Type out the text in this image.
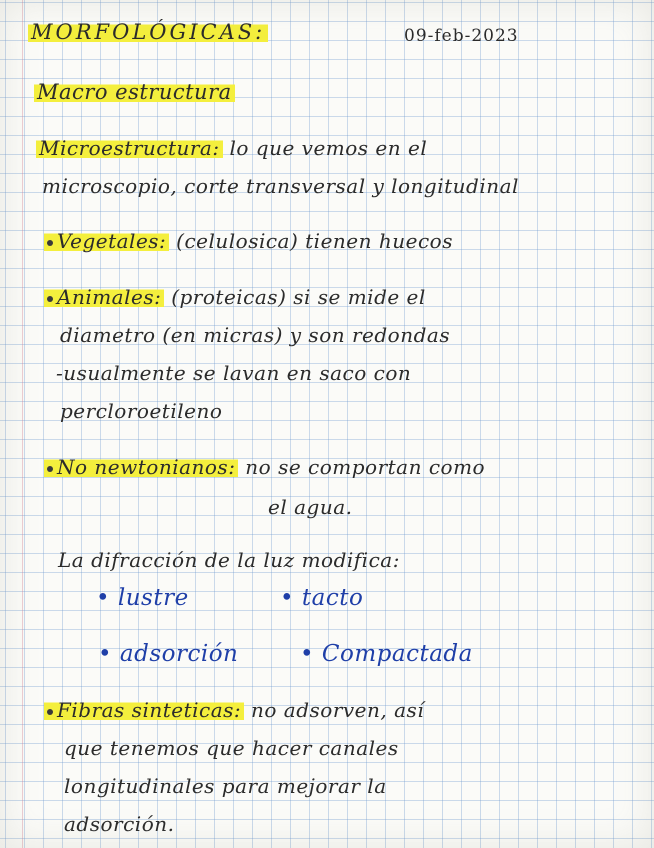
MORFOLÓGICAS:	09-feb-2023
Macro estructura
Microestructura: lo que vemos en el
microscopio, corte transversal y longitudinal
Vegetales: (celulosica) tienen huecos
Animales: (proteicas) si se mide el
diametro (en micras) y son redondas
-usualmente se lavan en saco con
percloroetileno
No newtonianos: no se comportan como
el agua.
La difracción de la luz modifica:
• lustre	• tacto
• adsorción	• Compactada
Fibras sinteticas: no adsorven, así
que tenemos que hacer canales
longitudinales para mejorar la
adsorción.
